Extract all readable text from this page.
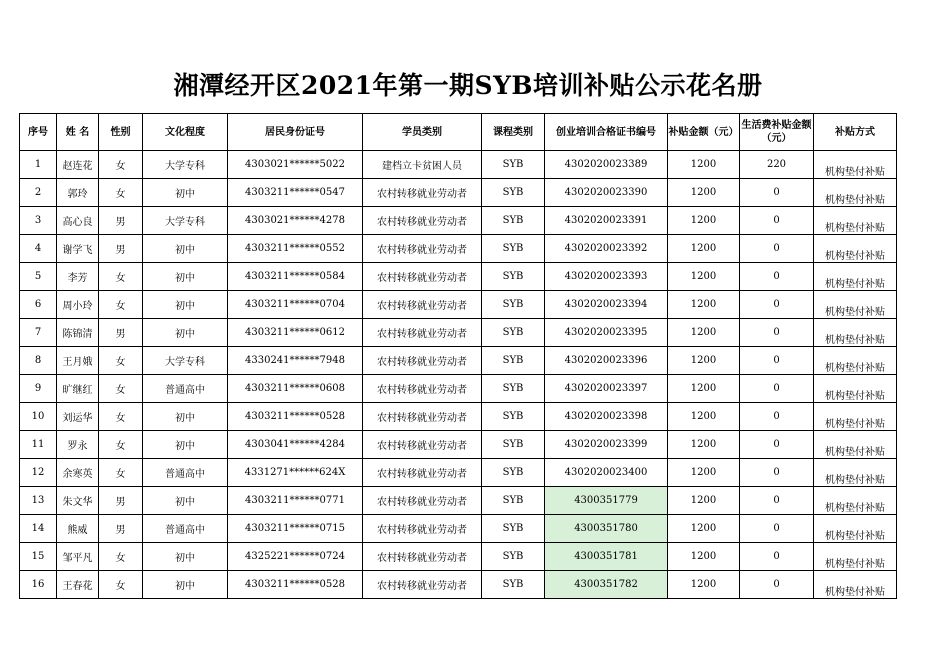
湘潭经开区2021年第一期SYB培训补贴公示花名册
序号	姓 名	性别	文化程度	居民身份证号	学员类别	课程类别	创业培训合格证书编号	补贴金额（元）	生活费补贴金额（元）	补贴方式
1	赵连花	女	大学专科	4303021******5022	建档立卡贫困人员	SYB	4302020023389	1200	220	机构垫付补贴
2	郭玲	女	初中	4303211******0547	农村转移就业劳动者	SYB	4302020023390	1200	0	机构垫付补贴
3	高心良	男	大学专科	4303021******4278	农村转移就业劳动者	SYB	4302020023391	1200	0	机构垫付补贴
4	谢学飞	男	初中	4303211******0552	农村转移就业劳动者	SYB	4302020023392	1200	0	机构垫付补贴
5	李芳	女	初中	4303211******0584	农村转移就业劳动者	SYB	4302020023393	1200	0	机构垫付补贴
6	周小玲	女	初中	4303211******0704	农村转移就业劳动者	SYB	4302020023394	1200	0	机构垫付补贴
7	陈锦清	男	初中	4303211******0612	农村转移就业劳动者	SYB	4302020023395	1200	0	机构垫付补贴
8	王月娥	女	大学专科	4330241******7948	农村转移就业劳动者	SYB	4302020023396	1200	0	机构垫付补贴
9	旷继红	女	普通高中	4303211******0608	农村转移就业劳动者	SYB	4302020023397	1200	0	机构垫付补贴
10	刘运华	女	初中	4303211******0528	农村转移就业劳动者	SYB	4302020023398	1200	0	机构垫付补贴
11	罗永	女	初中	4303041******4284	农村转移就业劳动者	SYB	4302020023399	1200	0	机构垫付补贴
12	余寒英	女	普通高中	4331271******624X	农村转移就业劳动者	SYB	4302020023400	1200	0	机构垫付补贴
13	朱文华	男	初中	4303211******0771	农村转移就业劳动者	SYB	4300351779	1200	0	机构垫付补贴
14	熊威	男	普通高中	4303211******0715	农村转移就业劳动者	SYB	4300351780	1200	0	机构垫付补贴
15	邹平凡	女	初中	4325221******0724	农村转移就业劳动者	SYB	4300351781	1200	0	机构垫付补贴
16	王春花	女	初中	4303211******0528	农村转移就业劳动者	SYB	4300351782	1200	0	机构垫付补贴
